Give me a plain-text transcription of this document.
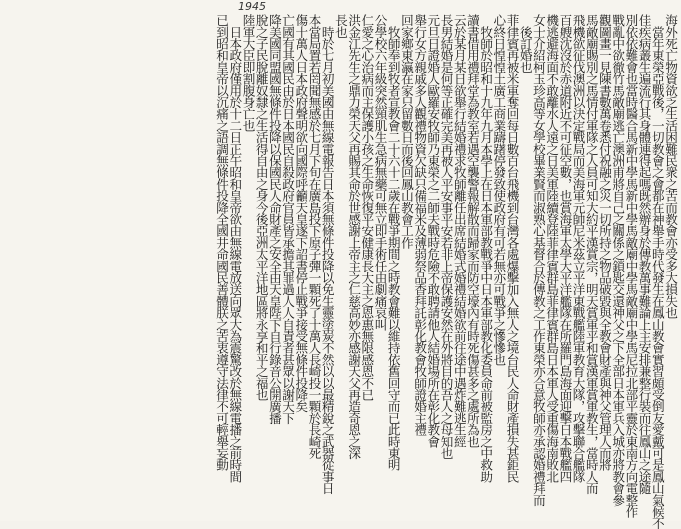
1945

海外死亡物資欲乏生活困難民衆之苦而教會亦受多大損失也

　當年東榮亞戰後，一切教會之會都在神舉手時代發生在鳳山教會實習頗受倒友愛戴可是鳳山氣候不

佳疾病叢生遍流行其身體連得起嗎既然辦身於傳教萬事難論上主安排兼整行裝而往鳳山之途隨

別依依難會也當時醫合馬新中學馬新中學馬敵廟中學馬敵廟中學馬尼拉北部平靈於東南方向電整作

戰亂中欲徹竹馬敵廟逃亡澳洲甫將自己之關係之鎖匙交還神父之下全部日本軍兵入城亦將教會參

觀圖畫一見陳書數萬卷悉付祝融之災一切所持之物品破毀與全教會財產與神父管理人而將

馬敵廟賜別之馬情付軍隊之人員可知大約平漢賞宗，明天賞軍平和賞漢軍賞軍教生，當時人而

飛機欲征伐澳洲以決定戰局而美海軍元帥尼米茲立平洋東戰艦陸軍教育大隊，攻擊聯合艦隊

百艘沈沒於赤道附近不可征空數，也賞海軍太學大平洋艦隊在所羅門島海面迎擊日本戰艦四

機逃避海面不敢離水人遠之日美軍陸續登陸菲律賓群島菲律賓群島日本軍人受重傷海南敗北

女士介紹柯玉珍高等女學校畢業賢而淑熟心基督合於傳教之工作東榮亦合意牧師亦承認婚禮拜而

　後訂婚也

菲律賓再被米軍奪回每日數百台飛機到台灣各處爆擊加入無人之境台民人命財產損失甚鉅民

心終日惶惶土廣工商業躊躇停發致使政府有可若無亦可戰爭之慘慘也

　牧師於昭和十九年九月本學上在日本軍部教戰爭中日本軍部教化委員命前被監房之中救助

讀書借用禮拜堂為教室若遇空襲警報解散而歸家而防空壕內有時死傷甚多之處所為也

云於某月某日欲舉行結婚禮求牧師離任出席結婚式婚禮結婚欲前往途中遇炸難逃生經

長男結婚是何等正確完美再被人平安事平安若非上帝保護安然在外將目的吾人之母知也

元旦日證婚人歐羅安牧師乃東榮之二師夫戰時危險不敢聘請他人結婚場所在彰化教會

舉行女方親戚多人觀禮物資欠缺只備福米及薄弱祭品香拜託彰化教會牧師證婚主禮

回家鄉東瀛在家只留數日而後回鳳山教會工作

　牧師奉到牧者宣教會二十六十二歲在戰爭期間之時教會難以維持依舊回守而已此時東明

公學校六年級突然頸肌生急病無藥可無立即手術任由劇痛哀叫

仁愛之心治病而主保護小孩之生命恢復平安健康長大主之恩惠無限感恩不已

洪金江先生之鼎力榮天父再賜其命於世感謝上帝主之仁慈高妙亦感謝天父再造奇恩之深

長也

　時於七月初美國由無線電報告日本須無條件投降以免生靈塗炭不然以以最精銳之武器從事日

本當局置若罔聞無感於七月下旬在廣島投下原子彈一顆死了十萬人長崎投一顆於長崎死

傷十萬人日本政府聲明欲向國際呼籲天皇遂下詔書停止戰爭接受無條件投降矣

亡國有其國民由於日本國民自殺政府官員皆承擔其罪過人人自責者甚眾以謝天下

降美國同盟國無條件投降以保國民人命財產之安全由天皇陛下自行錄音公開廣播

脫之子民脫離奴隸之生活得自由之身今後亞洲太平洋地區將永享和平之福也

陸軍大臣即割腹身亡也

　日本政府僅用於十二日正午昭和皇帝欲由無線電放送向眾大為震驚改於無線電播之前時間

已到昭和皇帝以沉痛之語調無條件投降全國井命國民善體朕之苦衷遵守法律不可輕舉妄動
